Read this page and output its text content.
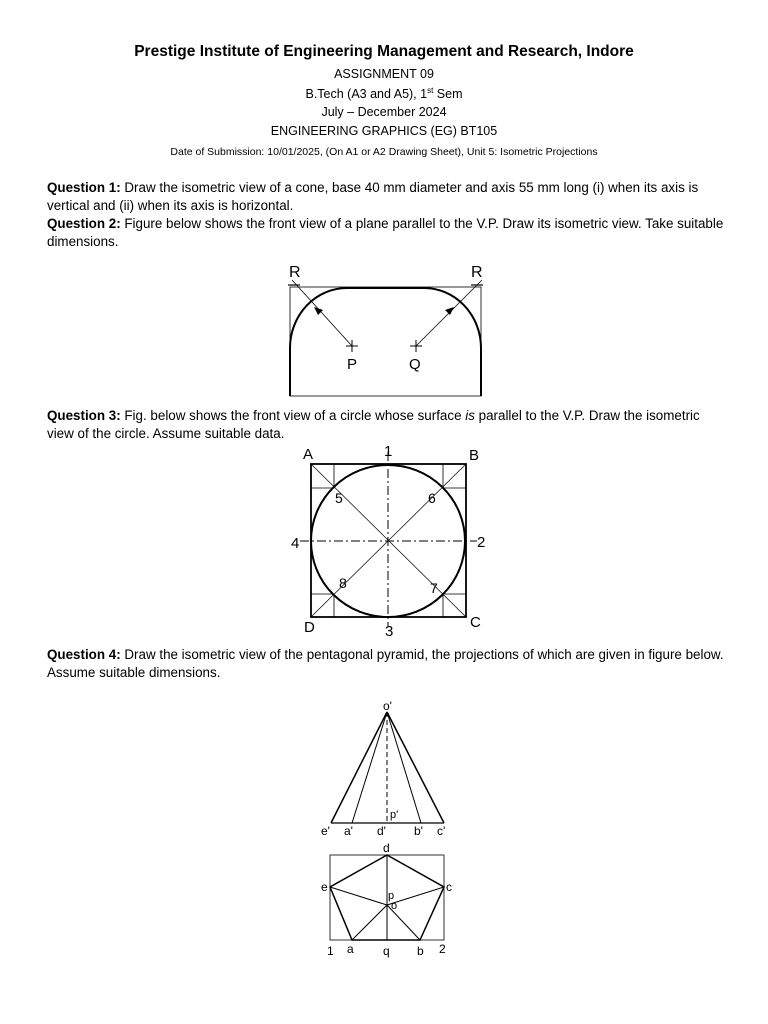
Prestige Institute of Engineering Management and Research, Indore
ASSIGNMENT 09
B.Tech (A3 and A5), 1st Sem
July – December 2024
ENGINEERING GRAPHICS (EG) BT105
Date of Submission: 10/01/2025, (On A1 or A2 Drawing Sheet), Unit 5: Isometric Projections
Question 1: Draw the isometric view of a cone, base 40 mm diameter and axis 55 mm long (i) when its axis is vertical and (ii) when its axis is horizontal.
Question 2: Figure below shows the front view of a plane parallel to the V.P. Draw its isometric view. Take suitable dimensions.
R	R
P	Q
Question 3: Fig. below shows the front view of a circle whose surface is parallel to the V.P. Draw the isometric view of the circle. Assume suitable data.
A	B
C
D
1
2
3
4
5	6
7
8
Question 4: Draw the isometric view of the pentagonal pyramid, the projections of which are given in figure below. Assume suitable dimensions.
o'
p'
e' a' d' b' c'
d
e	c
p
o
1 a q b 2
